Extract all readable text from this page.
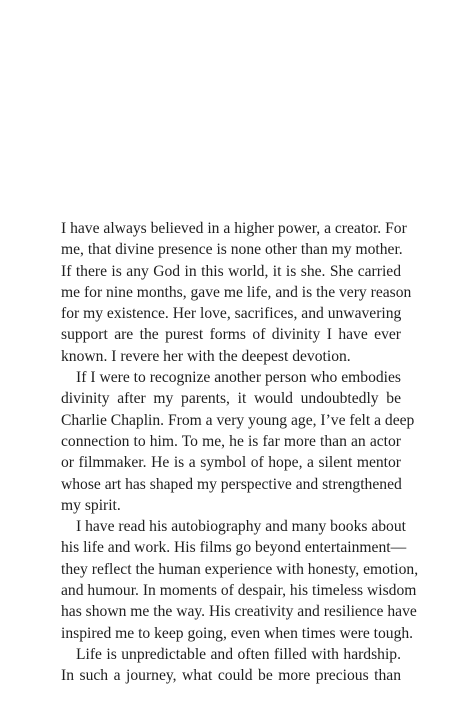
I have always believed in a higher power, a creator. For
me, that divine presence is none other than my mother.
If there is any God in this world, it is she. She carried
me for nine months, gave me life, and is the very reason
for my existence. Her love, sacrifices, and unwavering
support are the purest forms of divinity I have ever
known. I revere her with the deepest devotion.
If I were to recognize another person who embodies
divinity after my parents, it would undoubtedly be
Charlie Chaplin. From a very young age, I’ve felt a deep
connection to him. To me, he is far more than an actor
or filmmaker. He is a symbol of hope, a silent mentor
whose art has shaped my perspective and strengthened
my spirit.
I have read his autobiography and many books about
his life and work. His films go beyond entertainment—
they reflect the human experience with honesty, emotion,
and humour. In moments of despair, his timeless wisdom
has shown me the way. His creativity and resilience have
inspired me to keep going, even when times were tough.
Life is unpredictable and often filled with hardship.
In such a journey, what could be more precious than
